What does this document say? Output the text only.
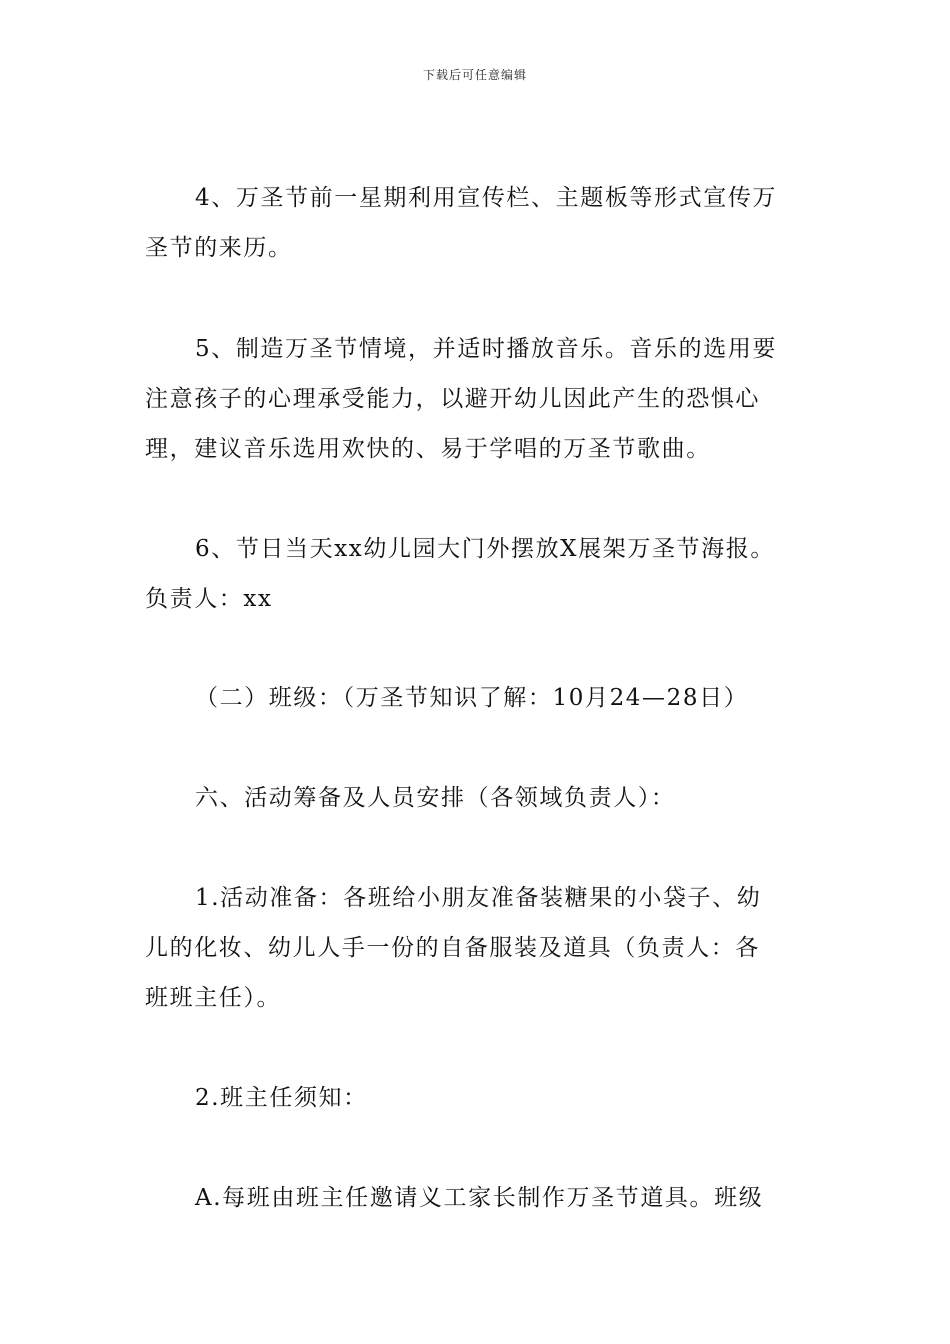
下载后可任意编辑
4、万圣节前一星期利用宣传栏、主题板等形式宣传万
圣节的来历。
5、制造万圣节情境，并适时播放音乐。音乐的选用要
注意孩子的心理承受能力，以避开幼儿因此产生的恐惧心
理，建议音乐选用欢快的、易于学唱的万圣节歌曲。
6、节日当天xx幼儿园大门外摆放X展架万圣节海报。
负责人：xx
（二）班级：（万圣节知识了解：10月24—28日）
六、活动筹备及人员安排（各领域负责人）：
1.活动准备：各班给小朋友准备装糖果的小袋子、幼
儿的化妆、幼儿人手一份的自备服装及道具（负责人：各
班班主任）。
2.班主任须知：
A.每班由班主任邀请义工家长制作万圣节道具。班级
